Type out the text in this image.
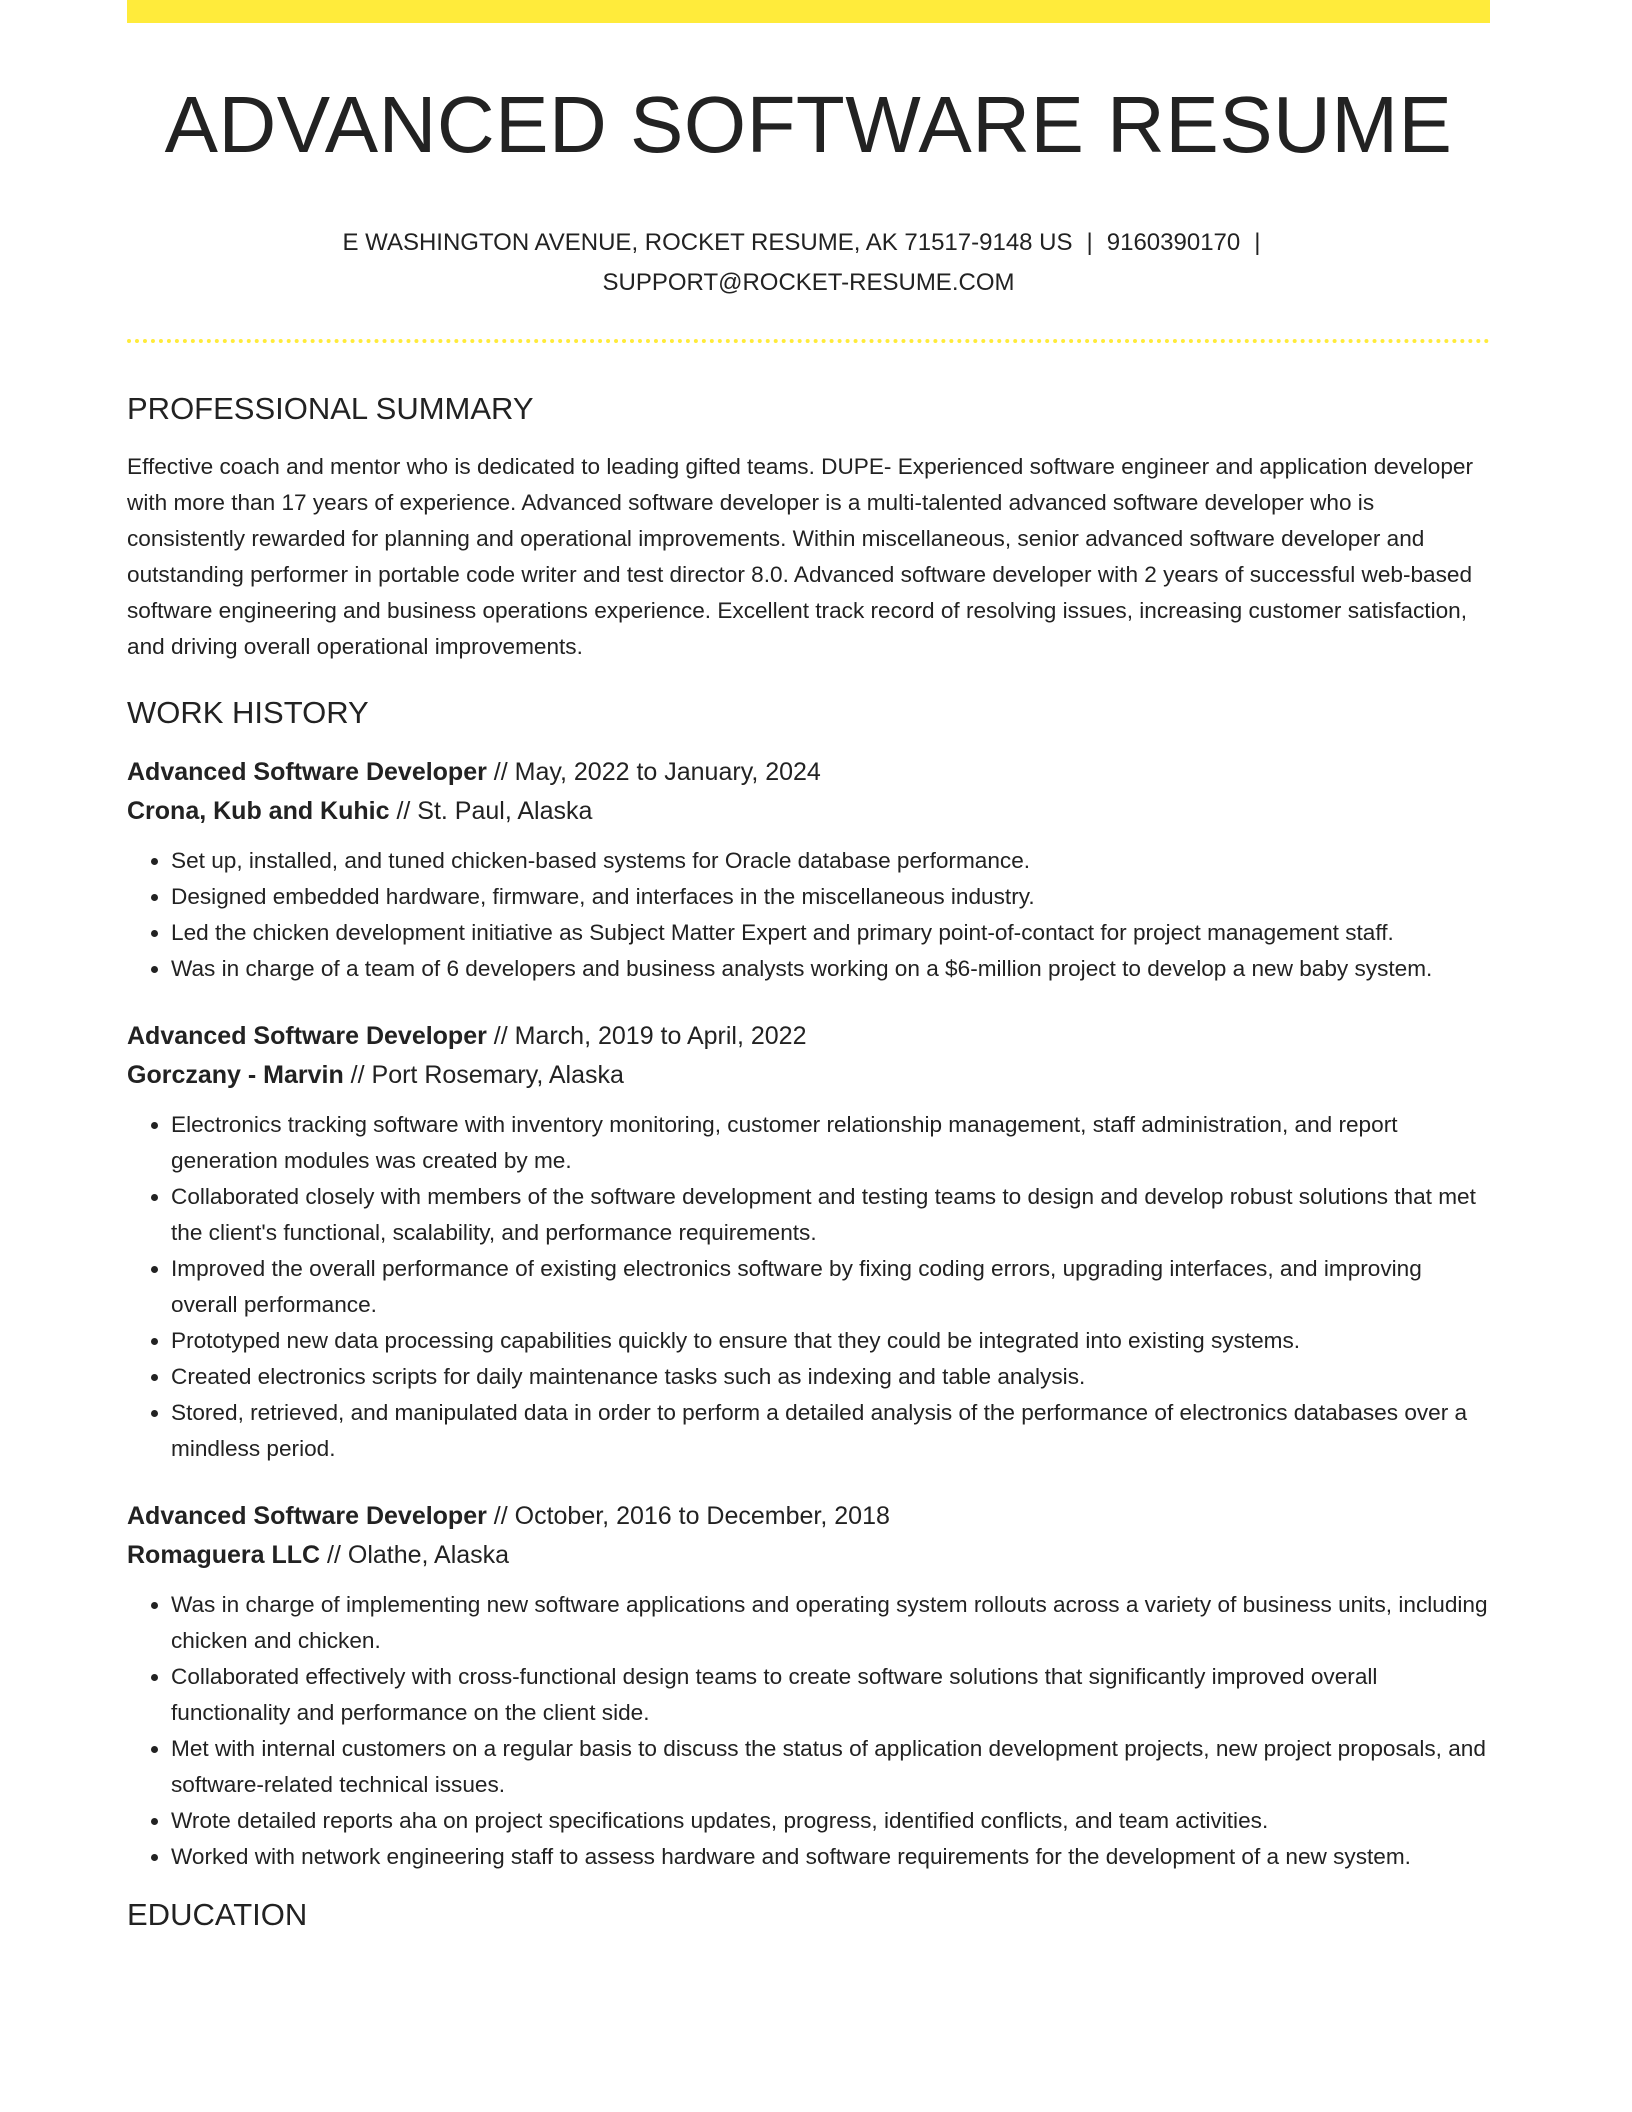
ADVANCED SOFTWARE RESUME
E WASHINGTON AVENUE, ROCKET RESUME, AK 71517-9148 US | 9160390170 |
SUPPORT@ROCKET-RESUME.COM
PROFESSIONAL SUMMARY

Effective coach and mentor who is dedicated to leading gifted teams. DUPE- Experienced software engineer and application developer with more than 17 years of experience. Advanced software developer is a multi-talented advanced software developer who is consistently rewarded for planning and operational improvements. Within miscellaneous, senior advanced software developer and outstanding performer in portable code writer and test director 8.0. Advanced software developer with 2 years of successful web-based software engineering and business operations experience. Excellent track record of resolving issues, increasing customer satisfaction, and driving overall operational improvements.

WORK HISTORY
Advanced Software Developer // May, 2022 to January, 2024
Crona, Kub and Kuhic // St. Paul, Alaska
• Set up, installed, and tuned chicken-based systems for Oracle database performance.
• Designed embedded hardware, firmware, and interfaces in the miscellaneous industry.
• Led the chicken development initiative as Subject Matter Expert and primary point-of-contact for project management staff.
• Was in charge of a team of 6 developers and business analysts working on a $6-million project to develop a new baby system.
Advanced Software Developer // March, 2019 to April, 2022
Gorczany - Marvin // Port Rosemary, Alaska
• Electronics tracking software with inventory monitoring, customer relationship management, staff administration, and report generation modules was created by me.
• Collaborated closely with members of the software development and testing teams to design and develop robust solutions that met the client's functional, scalability, and performance requirements.
• Improved the overall performance of existing electronics software by fixing coding errors, upgrading interfaces, and improving overall performance.
• Prototyped new data processing capabilities quickly to ensure that they could be integrated into existing systems.
• Created electronics scripts for daily maintenance tasks such as indexing and table analysis.
• Stored, retrieved, and manipulated data in order to perform a detailed analysis of the performance of electronics databases over a mindless period.
Advanced Software Developer // October, 2016 to December, 2018
Romaguera LLC // Olathe, Alaska
• Was in charge of implementing new software applications and operating system rollouts across a variety of business units, including chicken and chicken.
• Collaborated effectively with cross-functional design teams to create software solutions that significantly improved overall functionality and performance on the client side.
• Met with internal customers on a regular basis to discuss the status of application development projects, new project proposals, and software-related technical issues.
• Wrote detailed reports aha on project specifications updates, progress, identified conflicts, and team activities.
• Worked with network engineering staff to assess hardware and software requirements for the development of a new system.
EDUCATION
